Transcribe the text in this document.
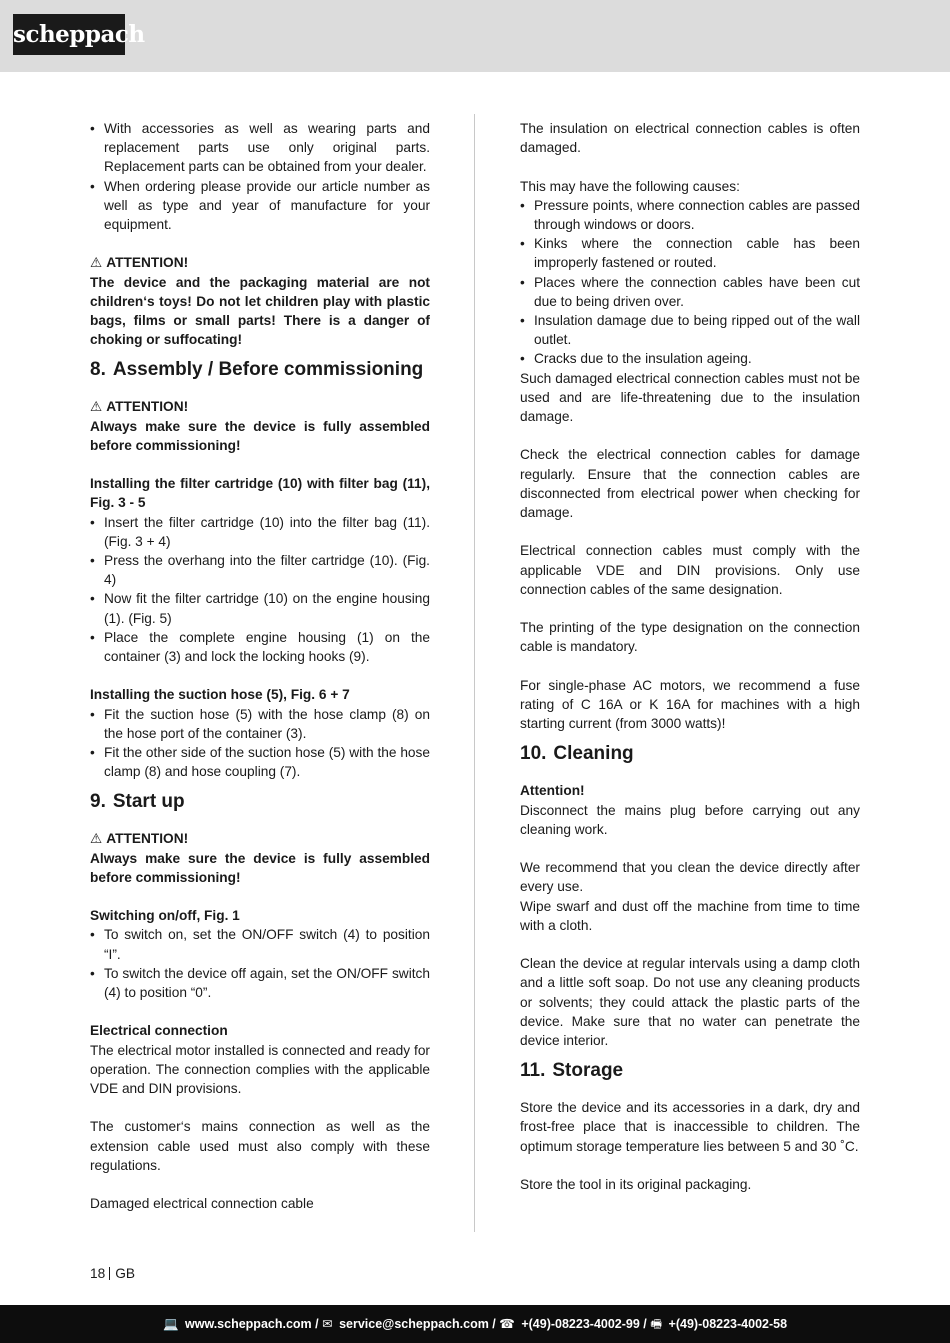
scheppach
• With accessories as well as wearing parts and replacement parts use only original parts. Replacement parts can be obtained from your dealer.
• When ordering please provide our article number as well as type and year of manufacture for your equipment.

⚠ ATTENTION!

The device and the packaging material are not children‘s toys! Do not let children play with plastic bags, films or small parts! There is a danger of choking or suffocating!

8. Assembly / Before commissioning

⚠ ATTENTION!

Always make sure the device is fully assembled before commissioning!

Installing the filter cartridge (10) with filter bag (11), Fig. 3 - 5

• Insert the filter cartridge (10) into the filter bag (11). (Fig. 3 + 4)
• Press the overhang into the filter cartridge (10). (Fig. 4)
• Now fit the filter cartridge (10) on the engine housing (1). (Fig. 5)
• Place the complete engine housing (1) on the container (3) and lock the locking hooks (9).

Installing the suction hose (5), Fig. 6 + 7

• Fit the suction hose (5) with the hose clamp (8) on the hose port of the container (3).
• Fit the other side of the suction hose (5) with the hose clamp (8) and hose coupling (7).
9. Start up

⚠ ATTENTION!

Always make sure the device is fully assembled before commissioning!

Switching on/off, Fig. 1

• To switch on, set the ON/OFF switch (4) to position “I”.
• To switch the device off again, set the ON/OFF switch (4) to position “0”.

Electrical connection

The electrical motor installed is connected and ready for operation. The connection complies with the applicable VDE and DIN provisions.

The customer‘s mains connection as well as the extension cable used must also comply with these regulations.

Damaged electrical connection cable

The insulation on electrical connection cables is often damaged.

This may have the following causes:

• Pressure points, where connection cables are passed through windows or doors.
• Kinks where the connection cable has been improperly fastened or routed.
• Places where the connection cables have been cut due to being driven over.
• Insulation damage due to being ripped out of the wall outlet.
• Cracks due to the insulation ageing.

Such damaged electrical connection cables must not be used and are life-threatening due to the insulation damage.

Check the electrical connection cables for damage regularly. Ensure that the connection cables are disconnected from electrical power when checking for damage.

Electrical connection cables must comply with the applicable VDE and DIN provisions. Only use connection cables of the same designation.

The printing of the type designation on the connection cable is mandatory.

For single-phase AC motors, we recommend a fuse rating of C 16A or K 16A for machines with a high starting current (from 3000 watts)!

10. Cleaning

Attention!

Disconnect the mains plug before carrying out any cleaning work.

We recommend that you clean the device directly after every use.

Wipe swarf and dust off the machine from time to time with a cloth.

Clean the device at regular intervals using a damp cloth and a little soft soap. Do not use any cleaning products or solvents; they could attack the plastic parts of the device. Make sure that no water can penetrate the device interior.

11. Storage

Store the device and its accessories in a dark, dry and frost-free place that is inaccessible to children. The optimum storage temperature lies between 5 and 30 ˚C.

Store the tool in its original packaging.

18 GB
💻 www.scheppach.com / ✉ service@scheppach.com / ☎ +(49)-08223-4002-99 / 🖷 +(49)-08223-4002-58
